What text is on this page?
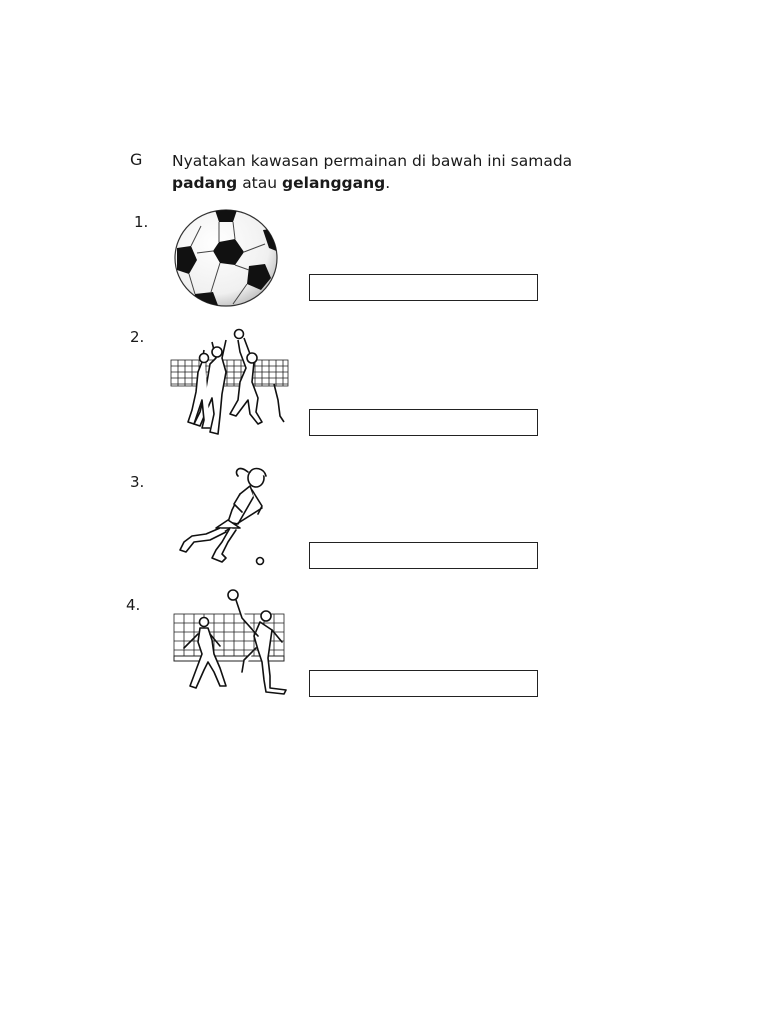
G Nyatakan kawasan permainan di bawah ini samada
padang atau gelanggang.
1.
2.
3.
4.
